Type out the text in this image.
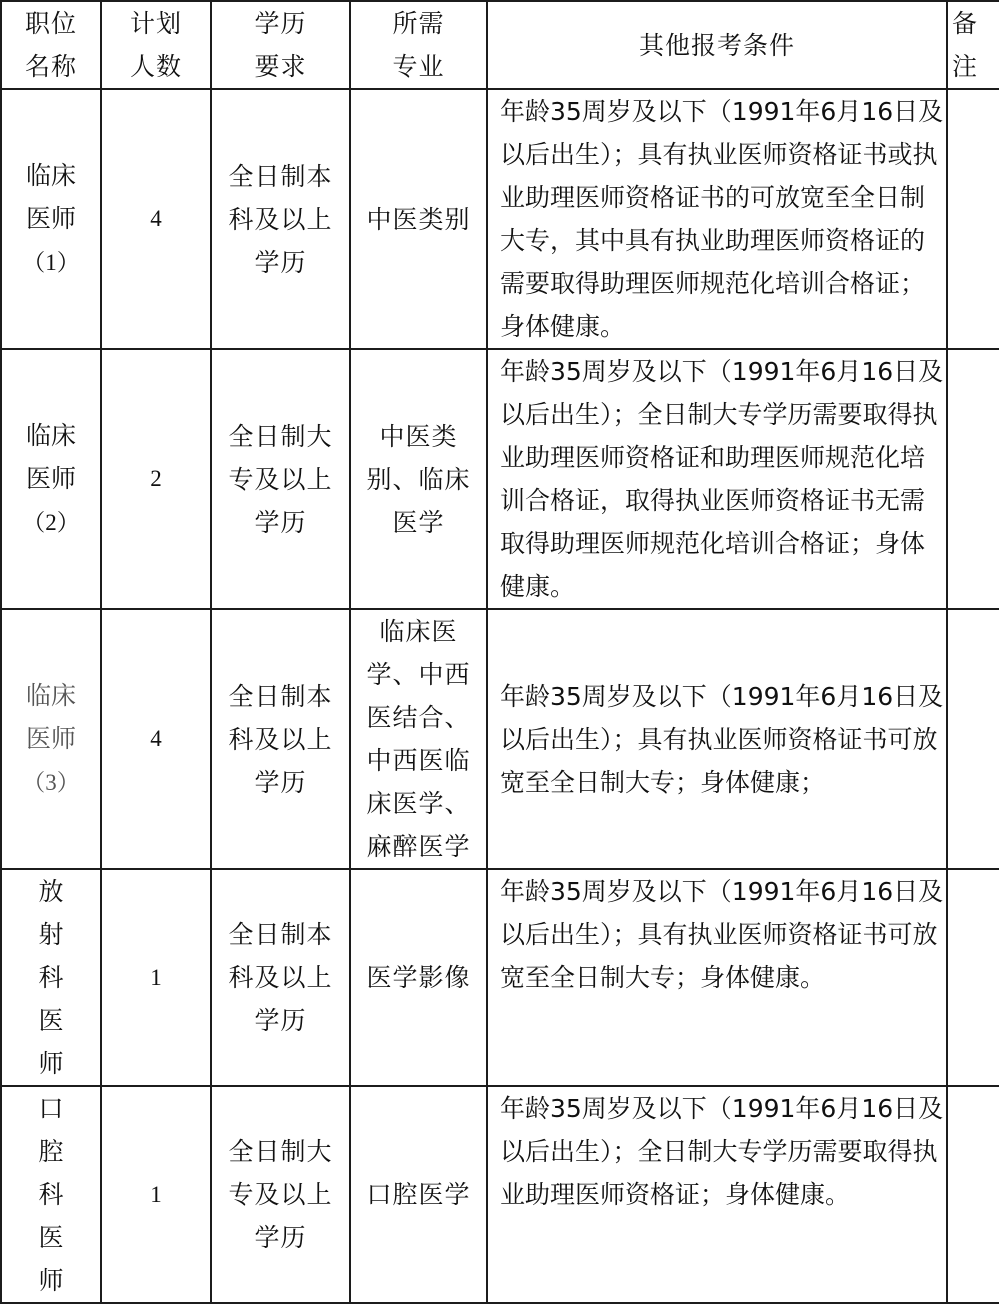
职位名称	计划人数	学历要求	所需专业	其他报考条件	备注
临床医师
（1）	4	全日制本科及以上学历	中医类别	年龄35周岁及以下（1991年6月16日及以后出生）；具有执业医师资格证书或执业助理医师资格证书的可放宽至全日制大专，其中具有执业助理医师资格证的需要取得助理医师规范化培训合格证；身体健康。	

临床医师
（2）	2	全日制大专及以上学历	中医类别、临床医学	年龄35周岁及以下（1991年6月16日及以后出生）；全日制大专学历需要取得执业助理医师资格证和助理医师规范化培训合格证，取得执业医师资格证书无需取得助理医师规范化培训合格证；身体健康。	

临床医师
（3）	4	全日制本科及以上学历	临床医学、中西医结合、中西医临床医学、麻醉医学	年龄35周岁及以下（1991年6月16日及以后出生）；具有执业医师资格证书可放宽至全日制大专；身体健康；	

放射科医师	1	全日制本科及以上学历	医学影像	年龄35周岁及以下（1991年6月16日及以后出生）；具有执业医师资格证书可放宽至全日制大专；身体健康。	

口腔科医师	1	全日制大专及以上学历	口腔医学	年龄35周岁及以下（1991年6月16日及以后出生）；全日制大专学历需要取得执业助理医师资格证；身体健康。	
